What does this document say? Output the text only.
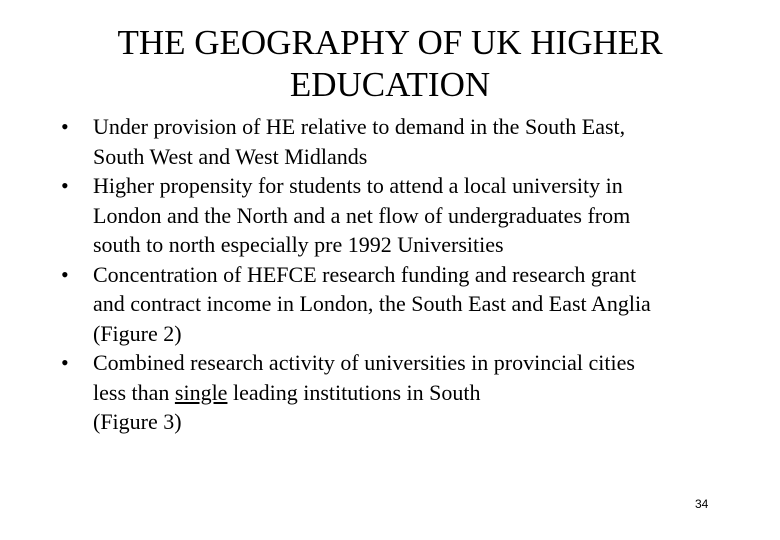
THE GEOGRAPHY OF UK HIGHER
EDUCATION
• Under provision of HE relative to demand in the South East,
South West and West Midlands
• Higher propensity for students to attend a local university in
London and the North and a net flow of undergraduates from
south to north especially pre 1992 Universities
• Concentration of HEFCE research funding and research grant
and contract income in London, the South East and East Anglia
(Figure 2)
• Combined research activity of universities in provincial cities
less than single leading institutions in South
(Figure 3)
34
